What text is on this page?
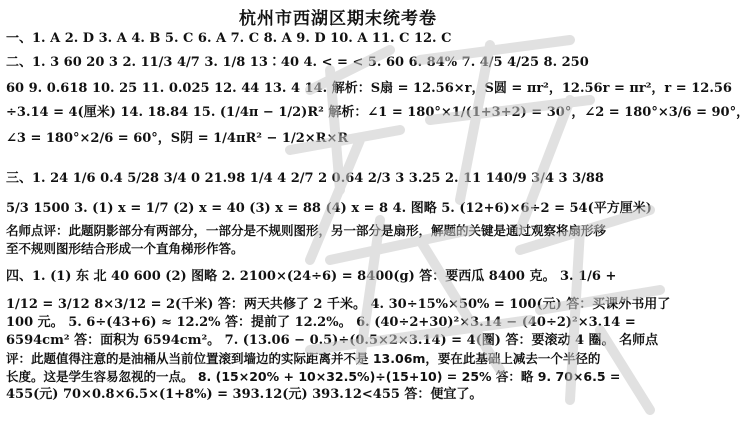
杭州市西湖区期末统考卷
一、1. A 2. D 3. A 4. B 5. C 6. A 7. C 8. A 9. D 10. A 11. C 12. C
二、1. 3 60 20 3 2. 11/3 4/7 3. 1/8 13∶40 4. < = < 5. 60 6. 84% 7. 4/5 4/25 8. 250
60 9. 0.618 10. 25 11. 0.025 12. 44 13. 4 14. 解析：S扇 = 12.56×r，S圆 = πr²，12.56r = πr²，r = 12.56
÷3.14 = 4(厘米) 14. 18.84 15. (1/4π − 1/2)R² 解析：∠1 = 180°×1/(1+3+2) = 30°，∠2 = 180°×3/6 = 90°，
∠3 = 180°×2/6 = 60°，S阴 = 1/4πR² − 1/2×R×R
三、1. 24 1/6 0.4 5/28 3/4 0 21.98 1/4 4 2/7 2 0.64 2/3 3 3.25 2. 11 140/9 3/4 3 3/88
5/3 1500 3. (1) x = 1/7 (2) x = 40 (3) x = 88 (4) x = 8 4. 图略 5. (12+6)×6÷2 = 54(平方厘米)
名师点评：此题阴影部分有两部分，一部分是不规则图形，另一部分是扇形，解题的关键是通过观察将扇形移
至不规则图形结合形成一个直角梯形作答。
四、1. (1) 东 北 40 600 (2) 图略 2. 2100×(24÷6) = 8400(g) 答：要西瓜 8400 克。 3. 1/6 +
1/12 = 3/12 8×3/12 = 2(千米) 答：两天共修了 2 千米。 4. 30÷15%×50% = 100(元) 答：买课外书用了
100 元。 5. 6÷(43+6) ≈ 12.2% 答：提前了 12.2%。 6. (40÷2+30)²×3.14 − (40÷2)²×3.14 =
6594cm² 答：面积为 6594cm²。 7. (13.06 − 0.5)÷(0.5×2×3.14) = 4(圈) 答：要滚动 4 圈。 名师点
评：此题值得注意的是油桶从当前位置滚到墙边的实际距离并不是 13.06m，要在此基础上减去一个半径的
长度。这是学生容易忽视的一点。 8. (15×20% + 10×32.5%)÷(15+10) = 25% 答：略 9. 70×6.5 =
455(元) 70×0.8×6.5×(1+8%) = 393.12(元) 393.12<455 答：便宜了。
